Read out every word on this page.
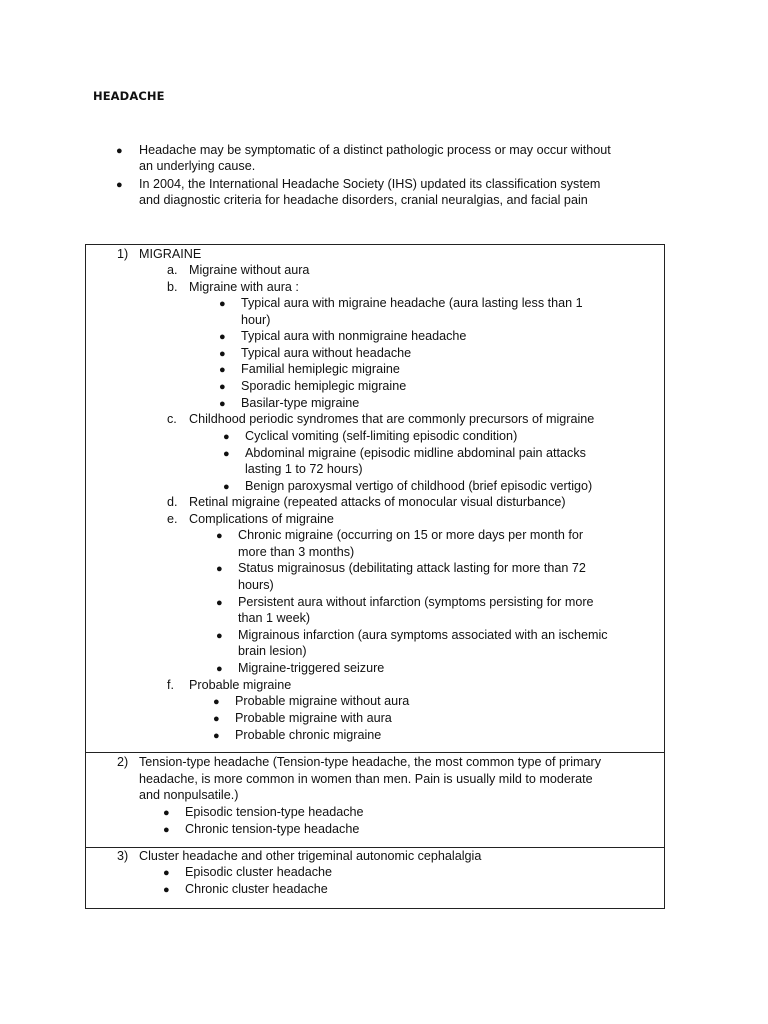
HEADACHE
● Headache may be symptomatic of a distinct pathologic process or may occur without
an underlying cause.
● In 2004, the International Headache Society (IHS) updated its classification system
and diagnostic criteria for headache disorders, cranial neuralgias, and facial pain
1) MIGRAINE
a. Migraine without aura
b. Migraine with aura :
● Typical aura with migraine headache (aura lasting less than 1
hour)
● Typical aura with nonmigraine headache
● Typical aura without headache
● Familial hemiplegic migraine
● Sporadic hemiplegic migraine
● Basilar-type migraine
c. Childhood periodic syndromes that are commonly precursors of migraine
● Cyclical vomiting (self-limiting episodic condition)
● Abdominal migraine (episodic midline abdominal pain attacks
lasting 1 to 72 hours)
● Benign paroxysmal vertigo of childhood (brief episodic vertigo)
d. Retinal migraine (repeated attacks of monocular visual disturbance)
e. Complications of migraine
● Chronic migraine (occurring on 15 or more days per month for
more than 3 months)
● Status migrainosus (debilitating attack lasting for more than 72
hours)
● Persistent aura without infarction (symptoms persisting for more
than 1 week)
● Migrainous infarction (aura symptoms associated with an ischemic
brain lesion)
● Migraine-triggered seizure
f. Probable migraine
● Probable migraine without aura
● Probable migraine with aura
● Probable chronic migraine
2) Tension-type headache (Tension-type headache, the most common type of primary
headache, is more common in women than men. Pain is usually mild to moderate
and nonpulsatile.)
● Episodic tension-type headache
● Chronic tension-type headache
3) Cluster headache and other trigeminal autonomic cephalalgia
● Episodic cluster headache
● Chronic cluster headache
